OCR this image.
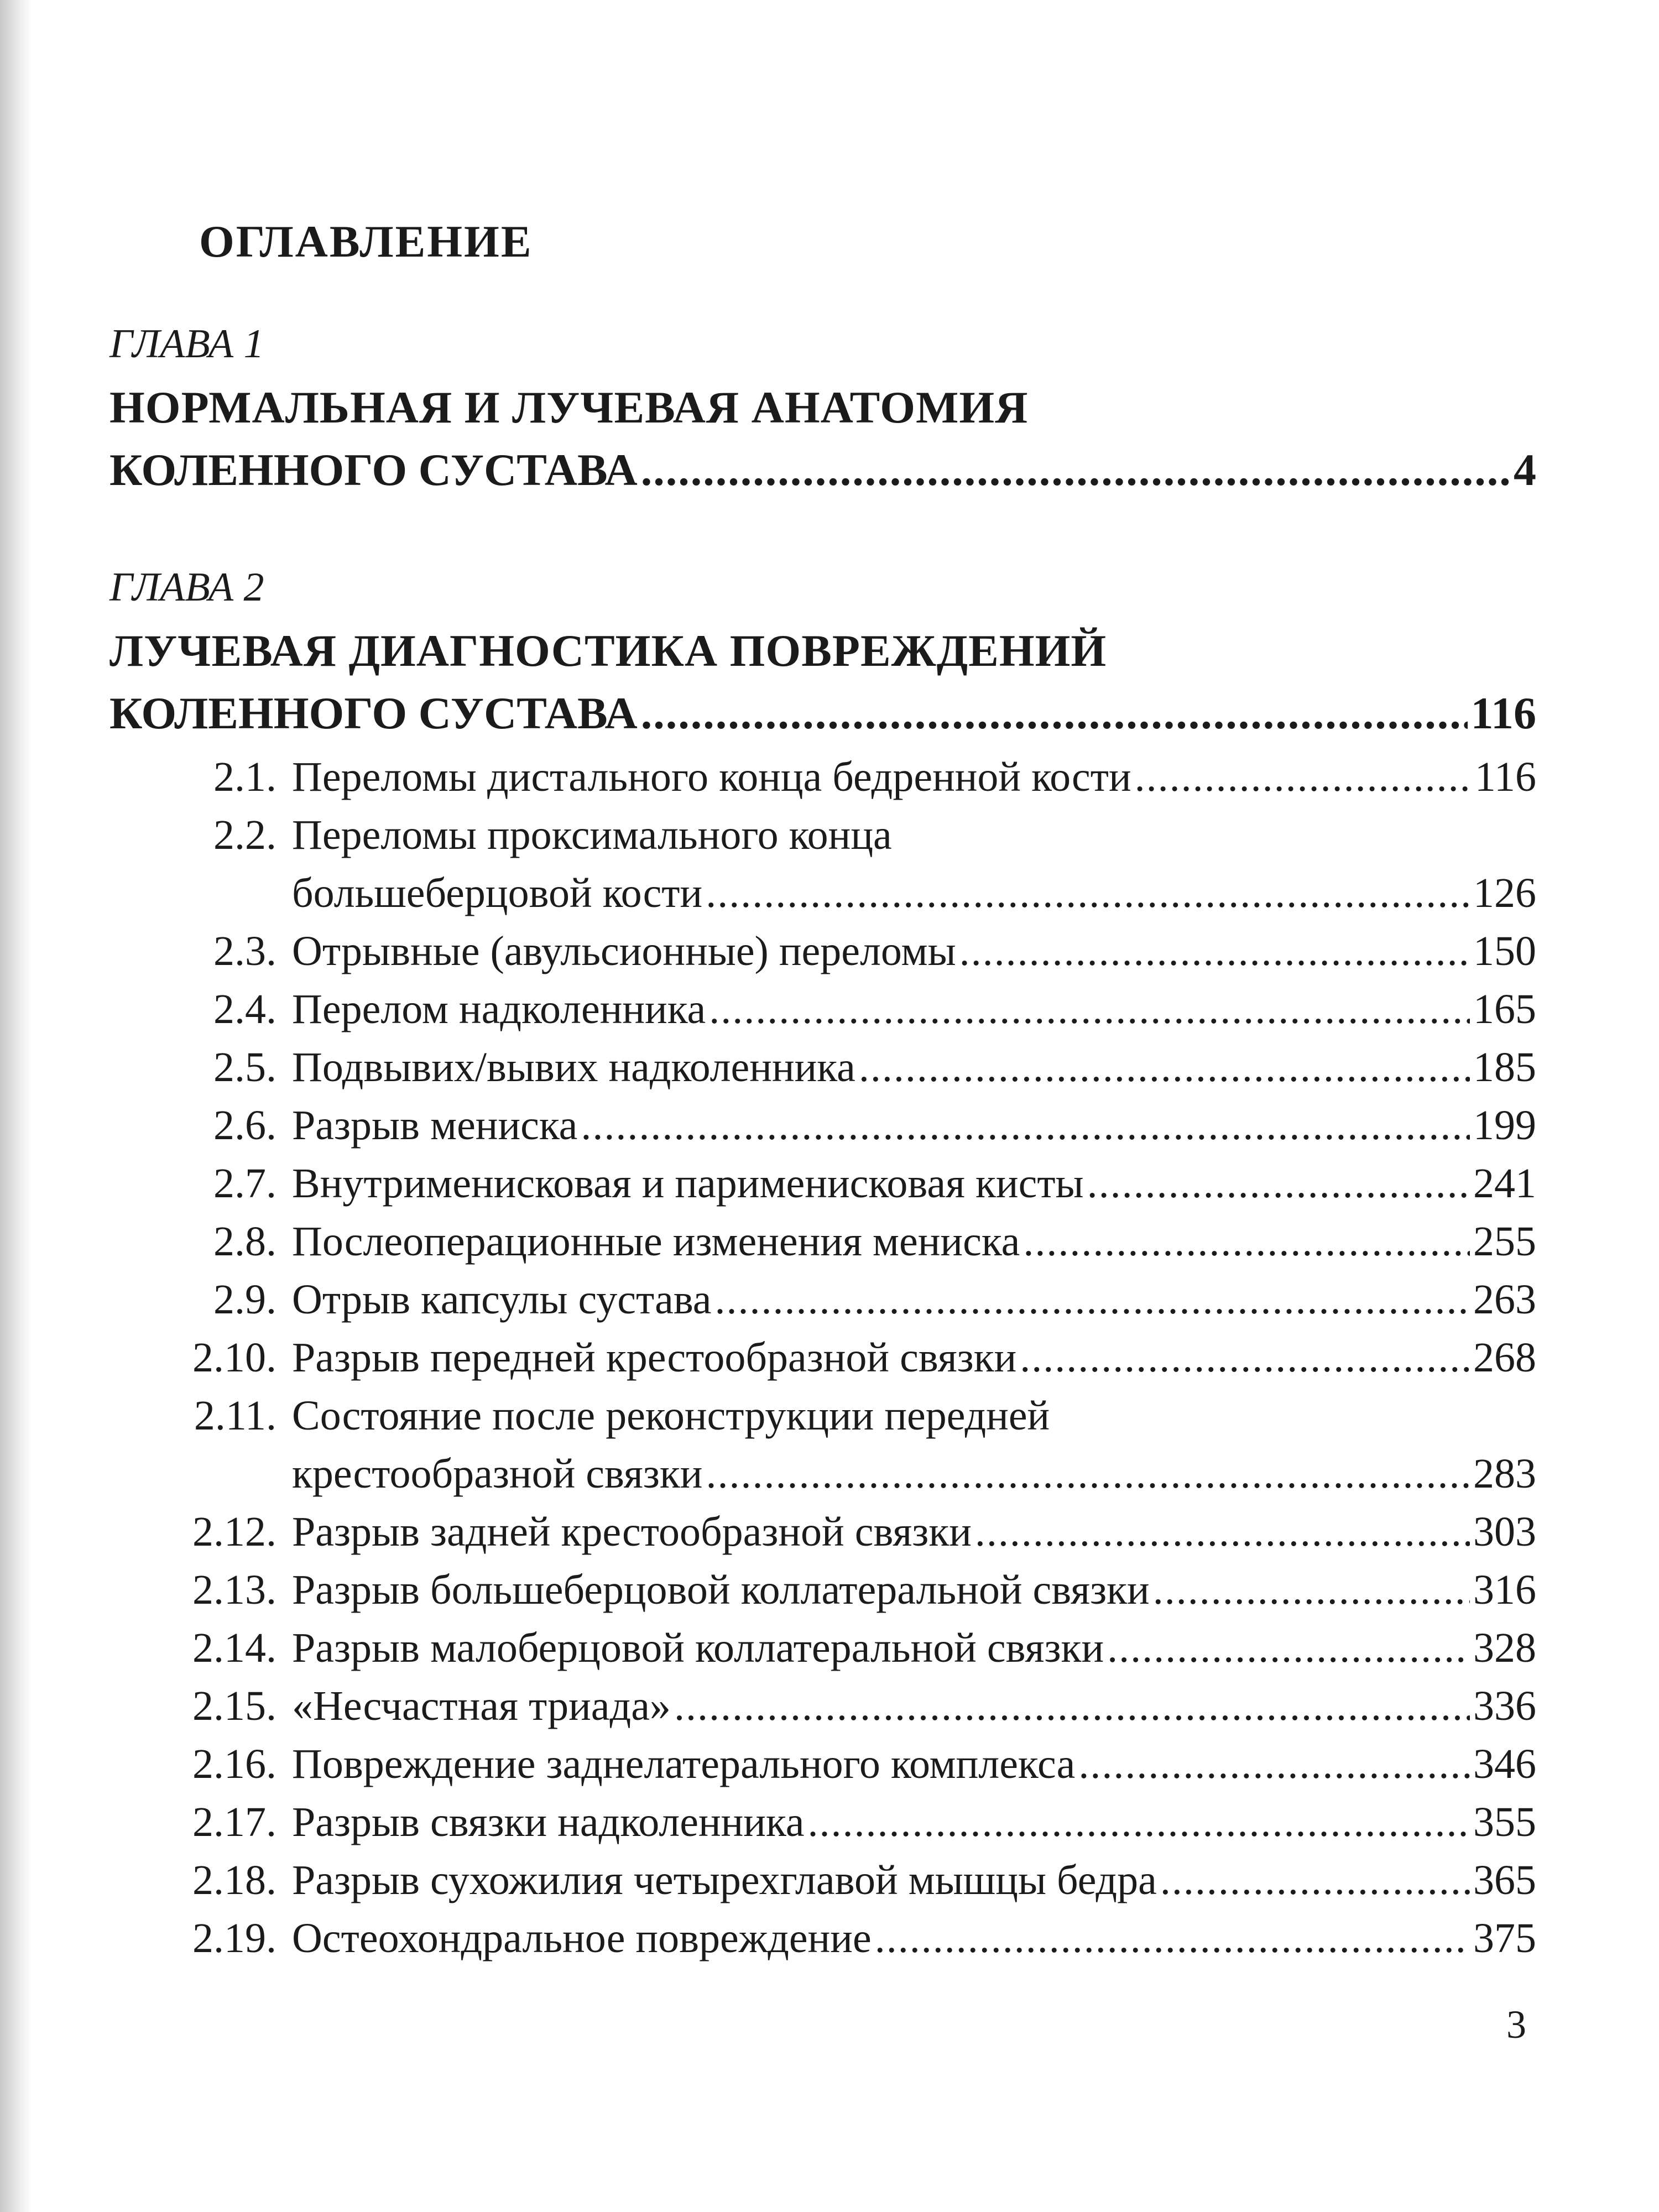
ОГЛАВЛЕНИЕ

ГЛАВА 1

НОРМАЛЬНАЯ И ЛУЧЕВАЯ АНАТОМИЯ

КОЛЕННОГО СУСТАВА .....	4

ГЛАВА 2

ЛУЧЕВАЯ ДИАГНОСТИКА ПОВРЕЖДЕНИЙ

КОЛЕННОГО СУСТАВА .....	116
2.1. Переломы дистального конца бедренной кости .....	116
2.2. Переломы проксимального конца
большеберцовой кости .....	126
2.3. Отрывные (авульсионные) переломы .....	150
2.4. Перелом надколенника .....	165
2.5. Подвывих/вывих надколенника .....	185
2.6. Разрыв мениска .....	199
2.7. Внутрименисковая и парименисковая кисты .....	241
2.8. Послеоперационные изменения мениска .....	255
2.9. Отрыв капсулы сустава .....	263
2.10. Разрыв передней крестообразной связки .....	268
2.11. Состояние после реконструкции передней
крестообразной связки .....	283
2.12. Разрыв задней крестообразной связки .....	303
2.13. Разрыв большеберцовой коллатеральной связки .....	316
2.14. Разрыв малоберцовой коллатеральной связки .....	328
2.15. «Несчастная триада» .....	336
2.16. Повреждение заднелатерального комплекса .....	346
2.17. Разрыв связки надколенника .....	355
2.18. Разрыв сухожилия четырехглавой мышцы бедра .....	365
2.19. Остеохондральное повреждение .....	375

3
